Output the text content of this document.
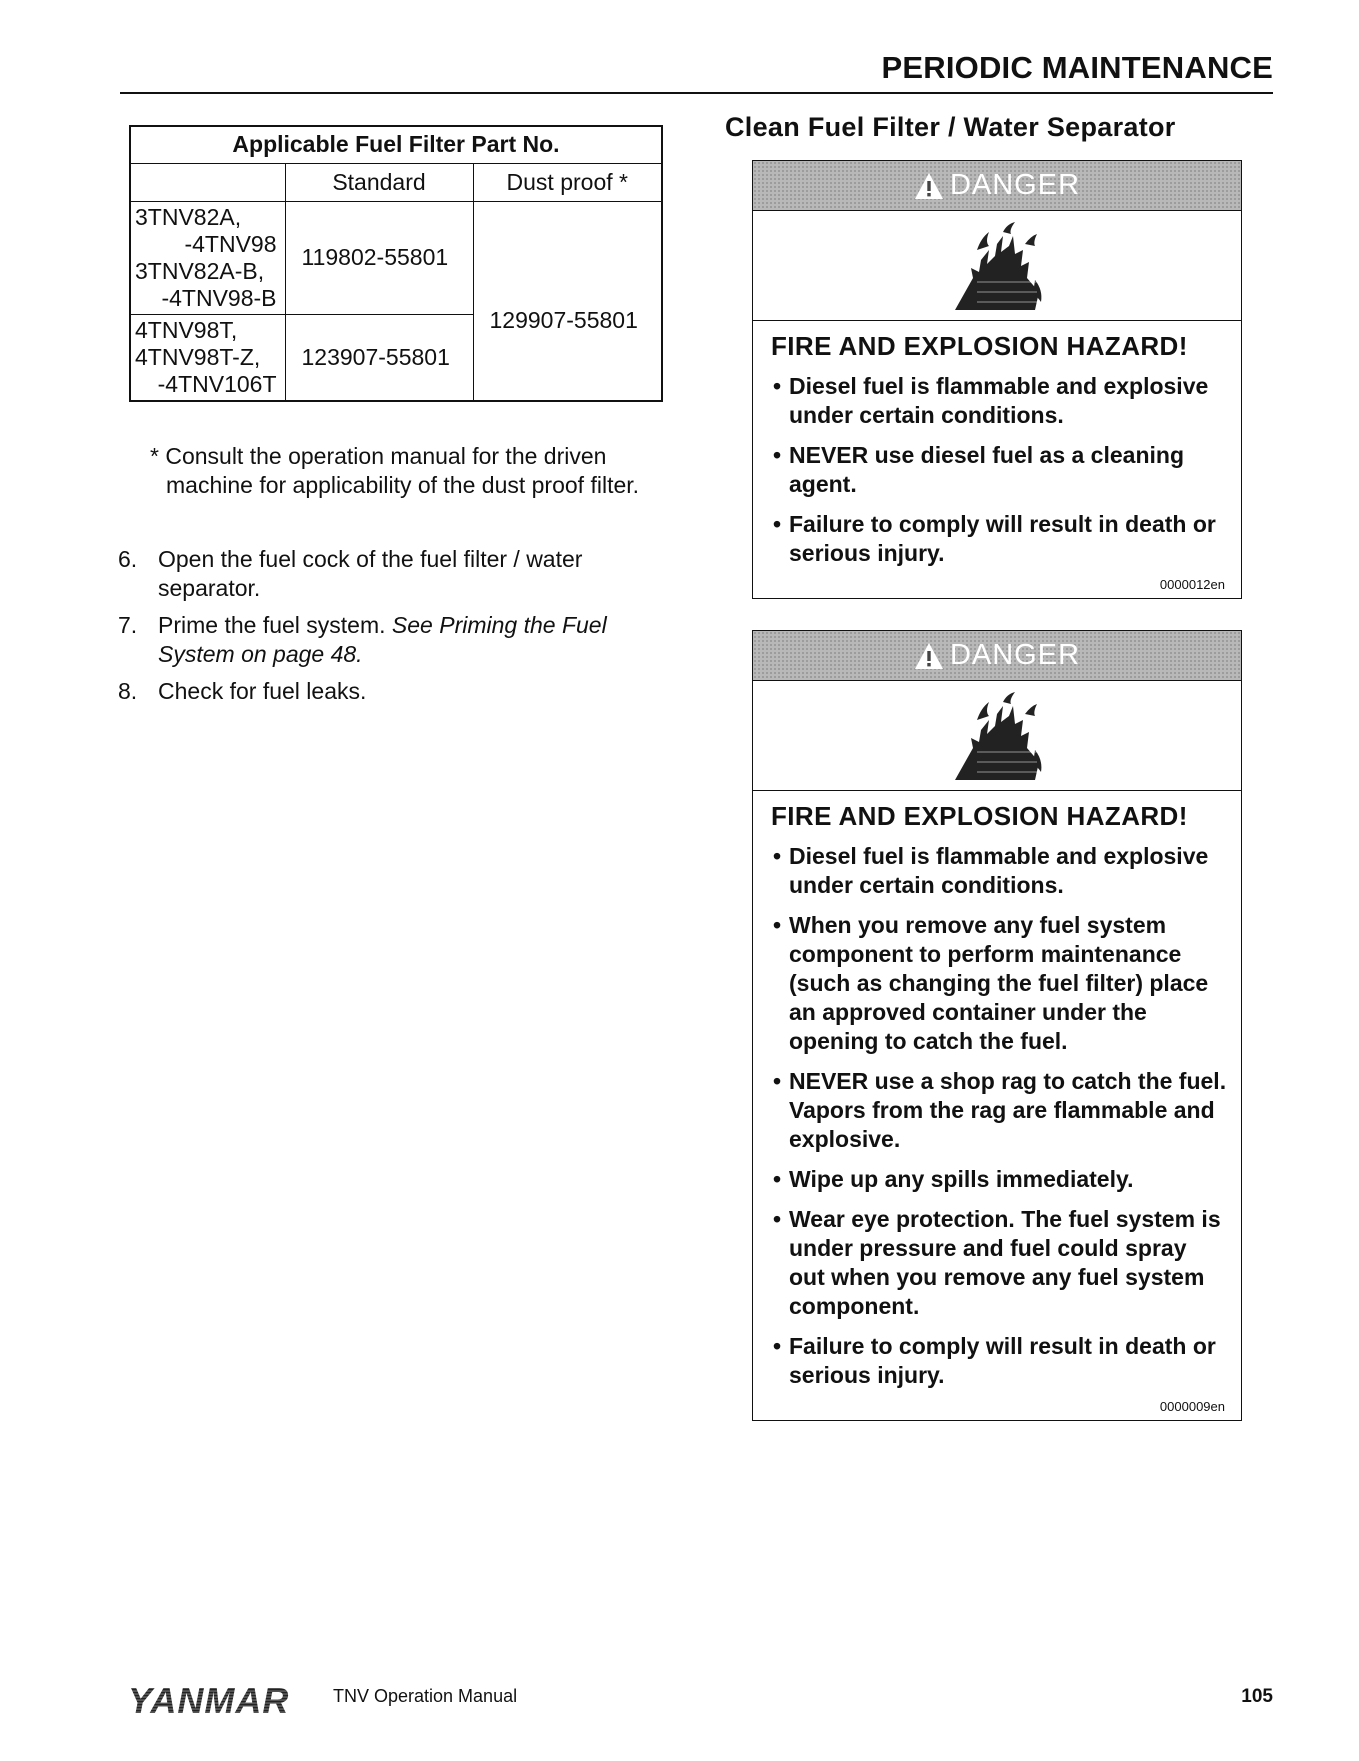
PERIODIC MAINTENANCE
Applicable Fuel Filter Part No.		
	Standard	Dust proof *

3TNV82A,
-4TNV98
3TNV82A-B,
-4TNV98-B	119802-55801	129907-55801

4TNV98T,
4TNV98T-Z,
-4TNV106T	123907-55801	
* Consult the operation manual for the driven
machine for applicability of the dust proof filter.
6. Open the fuel cock of the fuel filter / water separator.
7. Prime the fuel system. See Priming the Fuel System on page 48.
8. Check for fuel leaks.
Clean Fuel Filter / Water Separator
DANGER
FIRE AND EXPLOSION HAZARD!
• Diesel fuel is flammable and explosive under certain conditions.
• NEVER use diesel fuel as a cleaning agent.
• Failure to comply will result in death or serious injury.
0000012en
DANGER
FIRE AND EXPLOSION HAZARD!
• Diesel fuel is flammable and explosive under certain conditions.
• When you remove any fuel system component to perform maintenance (such as changing the fuel filter) place an approved container under the opening to catch the fuel.
• NEVER use a shop rag to catch the fuel. Vapors from the rag are flammable and explosive.
• Wipe up any spills immediately.
• Wear eye protection. The fuel system is under pressure and fuel could spray out when you remove any fuel system component.
• Failure to comply will result in death or serious injury.
0000009en
YANMAR TNV Operation Manual	105
